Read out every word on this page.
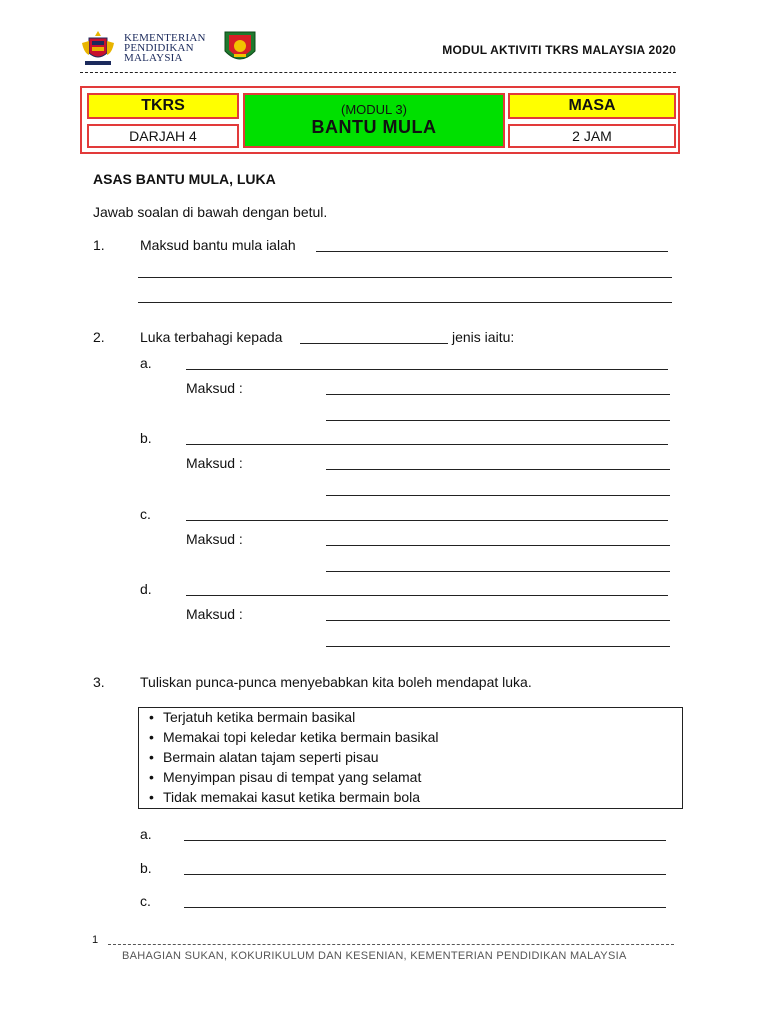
KEMENTERIAN
PENDIDIKAN
MALAYSIA
MODUL AKTIVITI TKRS MALAYSIA 2020
TKRS
DARJAH 4
(MODUL 3)
BANTU MULA
MASA
2 JAM
ASAS BANTU MULA, LUKA
Jawab soalan di bawah dengan betul.
1.	Maksud bantu mula ialah
2.	Luka terbahagi kepada	jenis iaitu:
a.
Maksud :
b.
Maksud :
c.
Maksud :
d.
Maksud :
3.	Tuliskan punca-punca menyebabkan kita boleh mendapat luka.
• Terjatuh ketika bermain basikal
• Memakai topi keledar ketika bermain basikal
• Bermain alatan tajam seperti pisau
• Menyimpan pisau di tempat yang selamat
• Tidak memakai kasut ketika bermain bola
a.
b.
c.
1
BAHAGIAN SUKAN, KOKURIKULUM DAN KESENIAN, KEMENTERIAN PENDIDIKAN MALAYSIA
